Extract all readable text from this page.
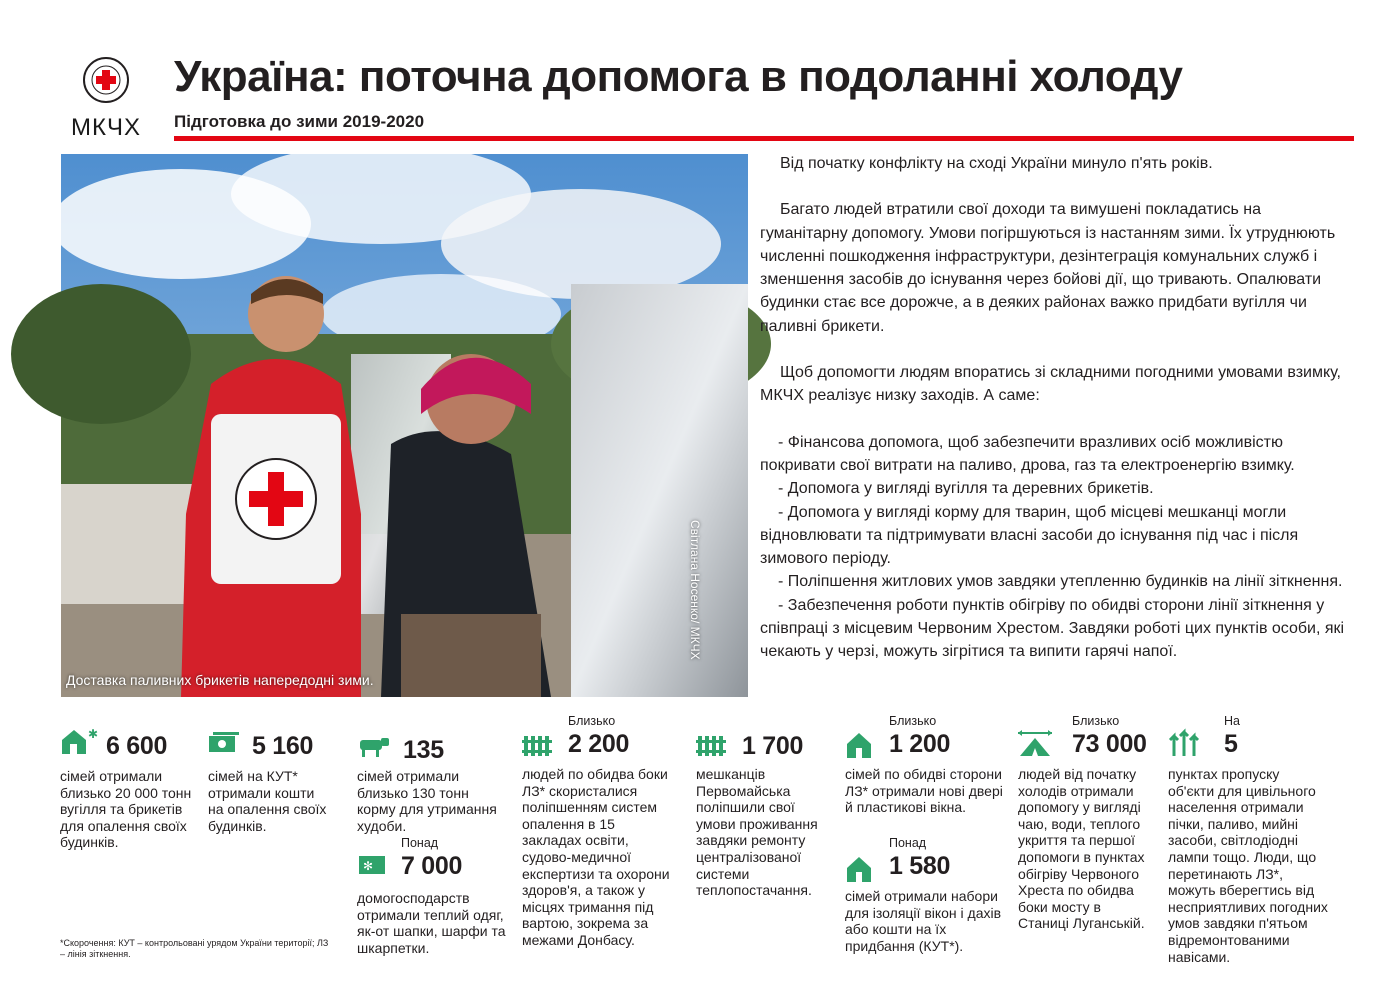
МКЧХ
Україна: поточна допомога в подоланні холоду
Підготовка до зими 2019-2020
Доставка паливних брикетів напередодні зими.
Світлана Носенко/ МКЧХ

Від початку конфлікту на сході України минуло п'ять років.

Багато людей втратили свої доходи та вимушені покладатись на гуманітарну допомогу. Умови погіршуються із настанням зими. Їх утруднюють численні пошкодження інфраструктури, дезінтеграція комунальних служб і зменшення засобів до існування через бойові дії, що тривають. Опалювати будинки стає все дорожче, а в деяких районах важко придбати вугілля чи паливні брикети.

Щоб допомогти людям впоратись зі складними погодними умовами взимку, МКЧХ реалізує низку заходів. А саме:

- Фінансова допомога, щоб забезпечити вразливих осіб можливістю покривати свої витрати на паливо, дрова, газ та електроенергію взимку.

- Допомога у вигляді вугілля та деревних брикетів.

- Допомога у вигляді корму для тварин, щоб місцеві мешканці могли відновлювати та підтримувати власні засоби до існування під час і після зимового періоду.

- Поліпшення житлових умов завдяки утепленню будинків на лінії зіткнення.

- Забезпечення роботи пунктів обігріву по обидві сторони лінії зіткнення у співпраці з місцевим Червоним Хрестом. Завдяки роботі цих пунктів особи, які чекають у черзі, можуть зігрітися та випити гарячі напої.

✱ 6 600
сімей отримали близько 20 000 тонн вугілля та брикетів для опалення своїх будинків.
5 160
сімей на КУТ* отримали кошти на опалення своїх будинків.
135
сімей отримали близько 130 тонн корму для утримання худоби.
✻
Понад
7 000
домогосподарств отримали теплий одяг, як-от шапки, шарфи та шкарпетки.
Близько
2 200
людей по обидва боки ЛЗ* скористалися поліпшенням систем опалення в 15 закладах освіти, судово-медичної експертизи та охорони здоров'я, а також у місцях тримання під вартою, зокрема за межами Донбасу.
1 700
мешканців Первомайська поліпшили свої умови проживання завдяки ремонту централізованої системи теплопостачання.
Близько
1 200
сімей по обидві сторони ЛЗ* отримали нові двері й пластикові вікна.
Понад
1 580
сімей отримали набори для ізоляції вікон і дахів або кошти на їх придбання (КУТ*).
Близько
73 000
людей від початку холодів отримали допомогу у вигляді чаю, води, теплого укриття та першої допомоги в пунктах обігріву Червоного Хреста по обидва боки мосту в Станиці Луганській.
На
5
пунктах пропуску об'єкти для цивільного населення отримали пічки, паливо, мийні засоби, світлодіодні лампи тощо. Люди, що перетинають ЛЗ*, можуть вберегтись від несприятливих погодних умов завдяки п'ятьом відремонтованими навісами.
*Скорочення: КУТ – контрольовані урядом України території; ЛЗ – лінія зіткнення.
